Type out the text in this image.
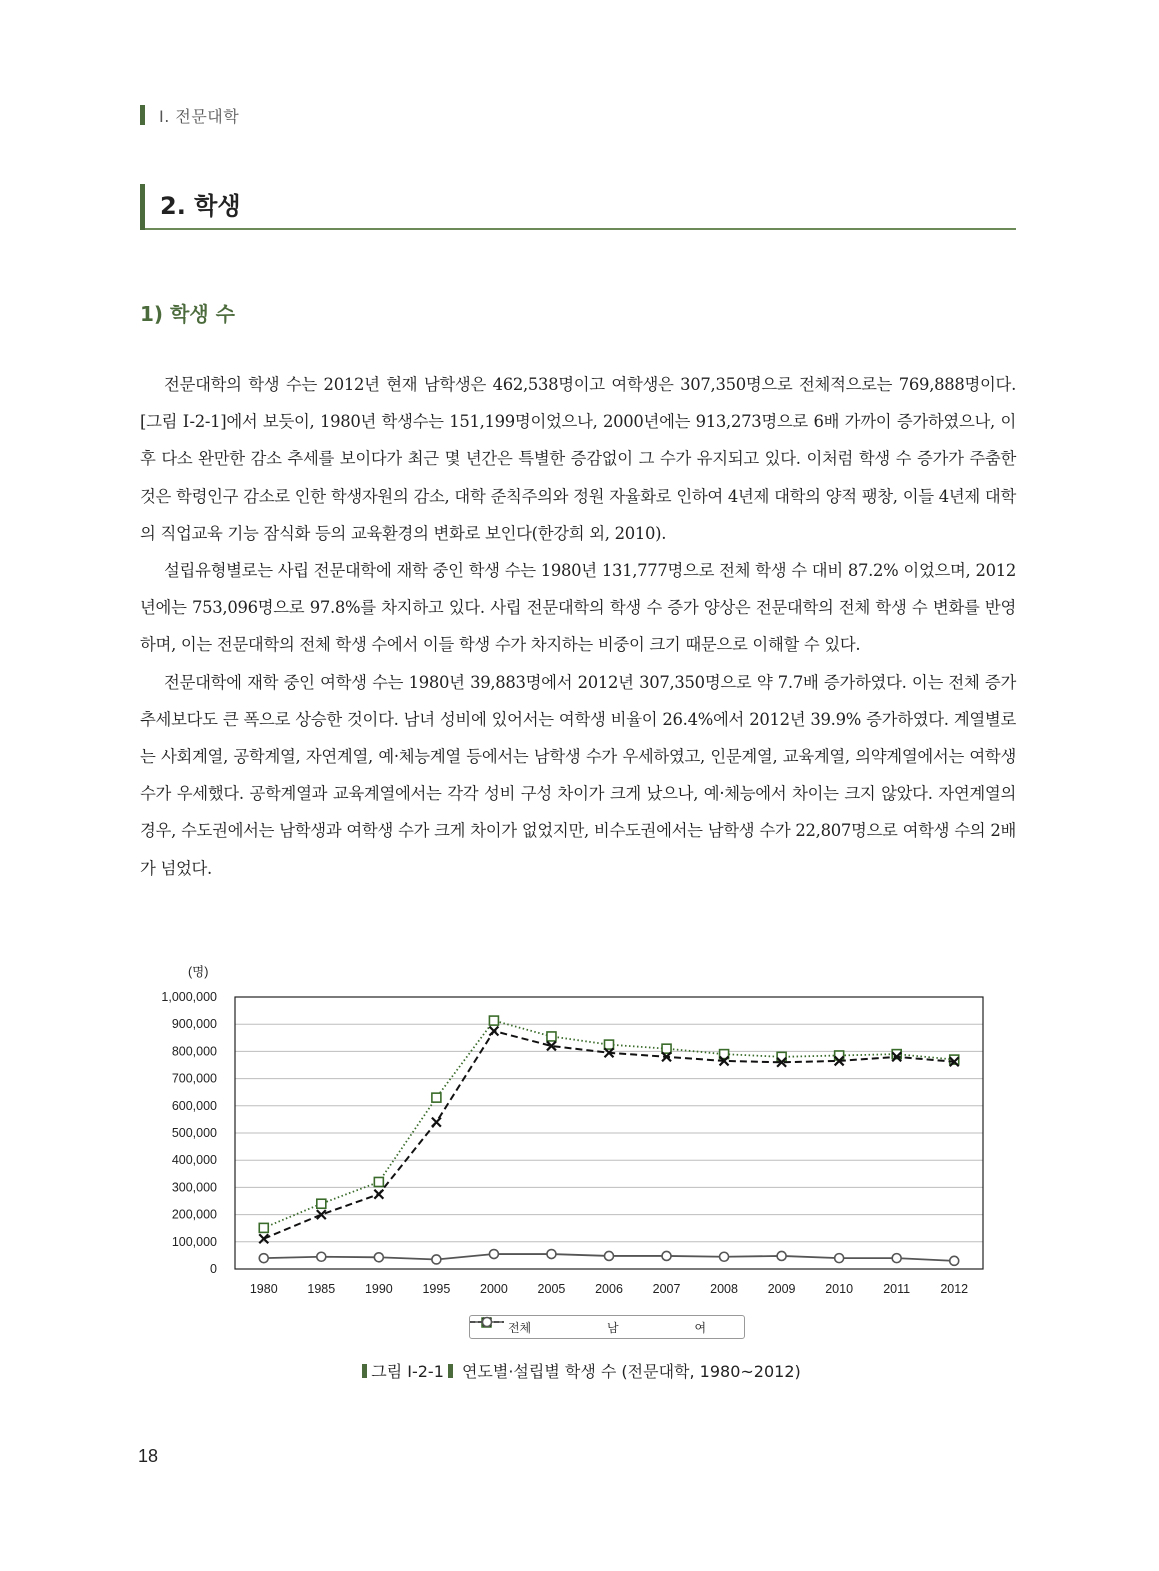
Ⅰ. 전문대학
2. 학생
1) 학생 수

전문대학의 학생 수는 2012년 현재 남학생은 462,538명이고 여학생은 307,350명으로 전체적으로는 769,888명이다. [그림 Ⅰ-2-1]에서 보듯이, 1980년 학생수는 151,199명이었으나, 2000년에는 913,273명으로 6배 가까이 증가하였으나, 이후 다소 완만한 감소 추세를 보이다가 최근 몇 년간은 특별한 증감없이 그 수가 유지되고 있다. 이처럼 학생 수 증가가 주춤한 것은 학령인구 감소로 인한 학생자원의 감소, 대학 준칙주의와 정원 자율화로 인하여 4년제 대학의 양적 팽창, 이들 4년제 대학의 직업교육 기능 잠식화 등의 교육환경의 변화로 보인다(한강희 외, 2010).

설립유형별로는 사립 전문대학에 재학 중인 학생 수는 1980년 131,777명으로 전체 학생 수 대비 87.2% 이었으며, 2012년에는 753,096명으로 97.8%를 차지하고 있다. 사립 전문대학의 학생 수 증가 양상은 전문대학의 전체 학생 수 변화를 반영하며, 이는 전문대학의 전체 학생 수에서 이들 학생 수가 차지하는 비중이 크기 때문으로 이해할 수 있다.

전문대학에 재학 중인 여학생 수는 1980년 39,883명에서 2012년 307,350명으로 약 7.7배 증가하였다. 이는 전체 증가 추세보다도 큰 폭으로 상승한 것이다. 남녀 성비에 있어서는 여학생 비율이 26.4%에서 2012년 39.9% 증가하였다. 계열별로는 사회계열, 공학계열, 자연계열, 예·체능계열 등에서는 남학생 수가 우세하였고, 인문계열, 교육계열, 의약계열에서는 여학생 수가 우세했다. 공학계열과 교육계열에서는 각각 성비 구성 차이가 크게 났으나, 예·체능에서 차이는 크지 않았다. 자연계열의 경우, 수도권에서는 남학생과 여학생 수가 크게 차이가 없었지만, 비수도권에서는 남학생 수가 22,807명으로 여학생 수의 2배가 넘었다.

(명)
0
100,000
200,000
300,000
400,000
500,000
600,000
700,000
800,000
900,000
1,000,000
1980 1985 1990 1995 2000 2005 2006 2007 2008 2009 2010 2011 2012
전체	남	여
그림 Ⅰ-2-1 연도별·설립별 학생 수 (전문대학, 1980~2012)
18
